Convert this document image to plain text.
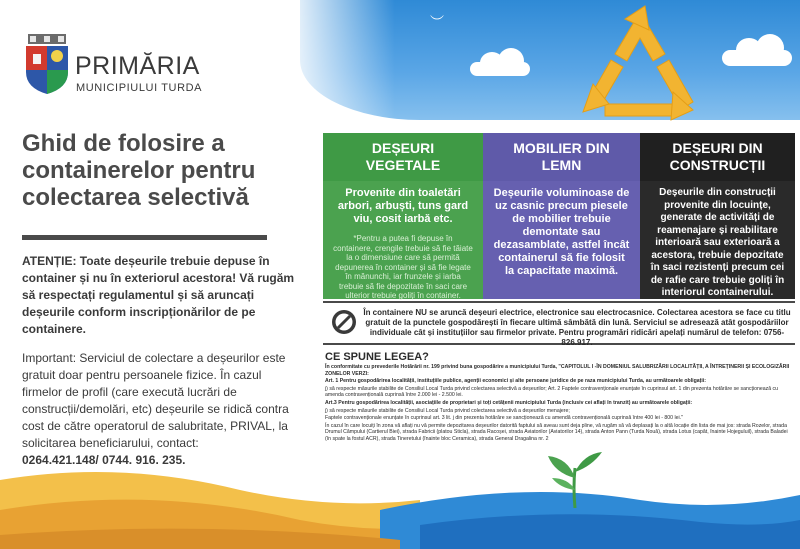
︶
PRIMĂRIA
MUNICIPIULUI TURDA
Ghid de folosire a containerelor pentru colectarea selectivă
ATENȚIE: Toate deșeurile trebuie depuse în container și nu în exteriorul acestora! Vă rugăm să respectați regulamentul și să aruncați deșeurile conform inscripționărilor de pe containere.
Important: Serviciul de colectare a deșeurilor este gratuit doar pentru persoanele fizice. În cazul firmelor de profil (care execută lucrări de construcții/demolări, etc) deșeurile se ridică contra cost de către operatorul de salubritate, PRIVAL, la solicitarea beneficiarului, contact:
0264.421.148/ 0744. 916. 235.
DEȘEURI VEGETALE
Provenite din toaletări arbori, arbuști, tuns gard viu, cosit iarbă etc.
*Pentru a putea fi depuse în containere, crengile trebuie să fie tăiate la o dimensiune care să permită depunerea în container și să fie legate în mănunchi, iar frunzele și iarba trebuie să fie depozitate în saci care ulterior trebuie goliți în container.
MOBILIER DIN LEMN
Deșeurile voluminoase de uz casnic precum piesele de mobilier trebuie demontate sau dezasamblate, astfel încât containerul să fie folosit la capacitate maximă.
DEȘEURI DIN CONSTRUCȚII
Deșeurile din construcții provenite din locuințe, generate de activități de reamenajare și reabilitare interioară sau exterioară a acestora, trebuie depozitate în saci rezistenți precum cei de rafie care trebuie goliți în interiorul containerului.
În containere NU se aruncă deșeuri electrice, electronice sau electrocasnice. Colectarea acestora se face cu titlu gratuit de la punctele gospodărești în fiecare ultimă sâmbătă din lună. Serviciul se adresează atât gospodăriilor individuale cât și instituțiilor sau firmelor private. Pentru programări ridicări apelați numărul de telefon: 0756-826.917.
CE SPUNE LEGEA?

În conformitate cu prevederile Hotărârii nr. 199 privind buna gospodărire a municipiului Turda, "CAPITOLUL I -ÎN DOMENIUL SALUBRIZĂRII LOCALITĂȚII, A ÎNTREȚINERII ȘI ECOLOGIZĂRII ZONELOR VERZI:

Art. 1 Pentru gospodărirea localității, instituțiile publice, agenții economici și alte persoane juridice de pe raza municipiului Turda, au următoarele obligații:

j) să respecte măsurile stabilite de Consiliul Local Turda privind colectarea selectivă a deșeurilor; Art. 2 Faptele contravenționale enunțate în cuprinsul art. 1 din prezenta hotărâre se sancționează cu amenda contravențională cuprinsă între 2.000 lei - 2.500 lei.

Art.3 Pentru gospodărirea localității, asociațiile de proprietari și toți cetățenii municipiului Turda (inclusiv cei aflați în tranzit) au următoarele obligații:

j) să respecte măsurile stabilite de Consiliul Local Turda privind colectarea selectivă a deșeurilor menajere;

Faptele contravenționale enunțate în cuprinsul art. 3 lit. j din prezenta hotărâre se sancționează cu amendă contravențională cuprinsă între 400 lei - 800 lei."

În cazul în care locuiți în zona vă aflați nu vă permite depozitarea deșeurilor datorită faptului să aveau sunt deja pline, vă rugăm să vă deplasați la o altă locație din lista de mai jos: strada Rozelor, strada Drumul Cămpului (Cartierul Biei), strada Fabricii (platou Sticla), strada Racoșei, strada Aviatorilor (Aviatorilor 14), strada Anton Pann (Turda Nouă), strada Lotus (capăt, înainte Hojeguluil), strada Baladei (în spate la fostul ACR), strada Tineretului (înainte bloc Ceramica), strada General Dragalina nr. 2
